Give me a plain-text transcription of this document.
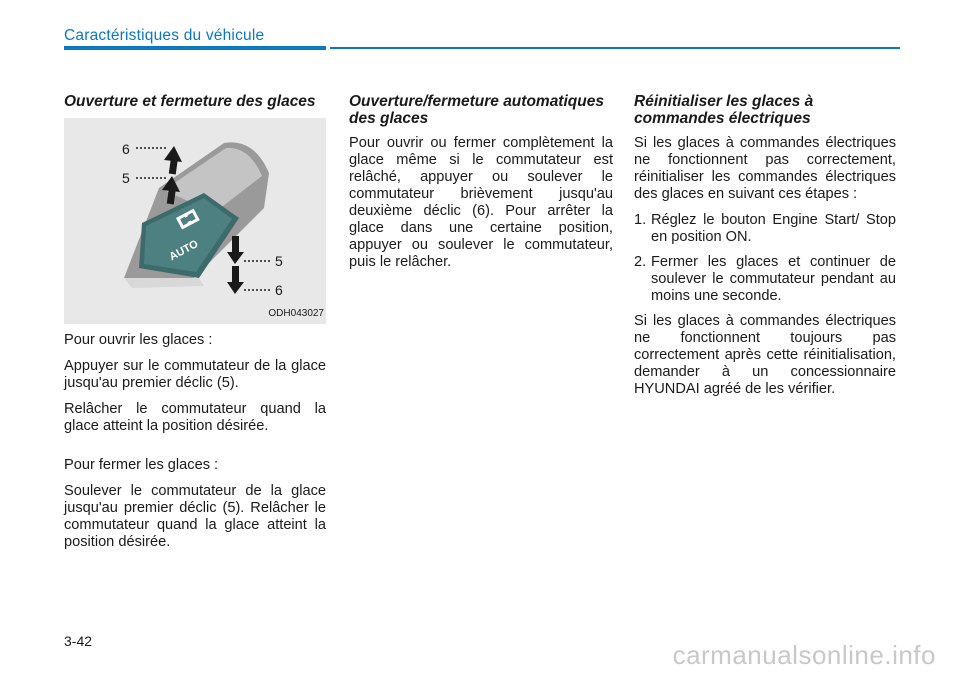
Caractéristiques du véhicule
Ouverture et fermeture des glaces
AUTO
6
5
5
6
ODH043027

Pour ouvrir les glaces :

Appuyer sur le commutateur de la glace jusqu'au premier déclic (5).

Relâcher le commutateur quand la glace atteint la position désirée.

Pour fermer les glaces :

Soulever le commutateur de la glace jusqu'au premier déclic (5). Relâcher le commutateur quand la glace atteint la position désirée.

Ouverture/fermeture automatiques des glaces

Pour ouvrir ou fermer complètement la glace même si le commutateur est relâché, appuyer ou soulever le commutateur brièvement jusqu'au deuxième déclic (6). Pour arrêter la glace dans une certaine position, appuyer ou soulever le commutateur, puis le relâcher.

Réinitialiser les glaces à commandes électriques

Si les glaces à commandes électriques ne fonctionnent pas correctement, réinitialiser les commandes électriques des glaces en suivant ces étapes :

1. Réglez le bouton Engine Start/ Stop en position ON.
2. Fermer les glaces et continuer de soulever le commutateur pendant au moins une seconde.

Si les glaces à commandes électriques ne fonctionnent toujours pas correctement après cette réinitialisation, demander à un concessionnaire HYUNDAI agréé de les vérifier.

3-42	carmanualsonline.info
